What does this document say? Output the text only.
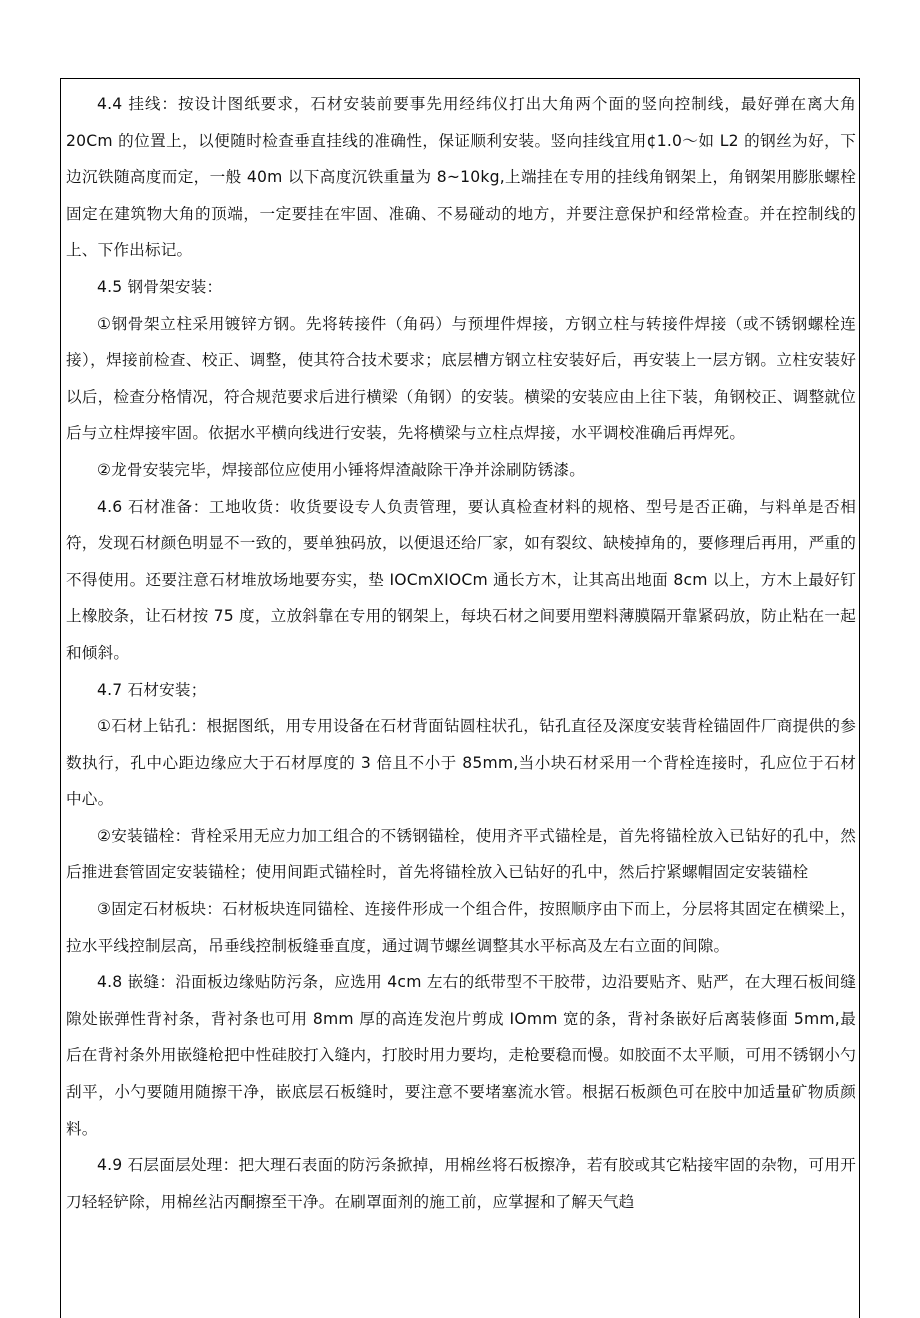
4.4 挂线：按设计图纸要求，石材安装前要事先用经纬仪打出大角两个面的竖向控制线，最好弹在离大角 20Cm 的位置上，以便随时检查垂直挂线的准确性，保证顺利安装。竖向挂线宜用¢1.0～如 L2 的钢丝为好，下边沉铁随高度而定，一般 40m 以下高度沉铁重量为 8~10kg,上端挂在专用的挂线角钢架上，角钢架用膨胀螺栓固定在建筑物大角的顶端，一定要挂在牢固、准确、不易碰动的地方，并要注意保护和经常检查。并在控制线的上、下作出标记。

4.5 钢骨架安装：

①钢骨架立柱采用镀锌方钢。先将转接件（角码）与预埋件焊接，方钢立柱与转接件焊接（或不锈钢螺栓连接），焊接前检查、校正、调整，使其符合技术要求；底层槽方钢立柱安装好后，再安装上一层方钢。立柱安装好以后，检查分格情况，符合规范要求后进行横梁（角钢）的安装。横梁的安装应由上往下装，角钢校正、调整就位后与立柱焊接牢固。依据水平横向线进行安装，先将横梁与立柱点焊接，水平调校准确后再焊死。

②龙骨安装完毕，焊接部位应使用小锤将焊渣敲除干净并涂刷防锈漆。

4.6 石材准备：工地收货：收货要设专人负责管理，要认真检查材料的规格、型号是否正确，与料单是否相符，发现石材颜色明显不一致的，要单独码放，以便退还给厂家，如有裂纹、缺棱掉角的，要修理后再用，严重的不得使用。还要注意石材堆放场地要夯实，垫 IOCmXIOCm 通长方木，让其高出地面 8cm 以上，方木上最好钉上橡胶条，让石材按 75 度，立放斜靠在专用的钢架上，每块石材之间要用塑料薄膜隔开靠紧码放，防止粘在一起和倾斜。

4.7 石材安装；

①石材上钻孔：根据图纸，用专用设备在石材背面钻圆柱状孔，钻孔直径及深度安装背栓锚固件厂商提供的参数执行，孔中心距边缘应大于石材厚度的 3 倍且不小于 85mm,当小块石材采用一个背栓连接时，孔应位于石材中心。

②安装锚栓：背栓采用无应力加工组合的不锈钢锚栓，使用齐平式锚栓是，首先将锚栓放入已钻好的孔中，然后推进套管固定安装锚栓；使用间距式锚栓时，首先将锚栓放入已钻好的孔中，然后拧紧螺帽固定安装锚栓

③固定石材板块：石材板块连同锚栓、连接件形成一个组合件，按照顺序由下而上，分层将其固定在横梁上，拉水平线控制层高，吊垂线控制板缝垂直度，通过调节螺丝调整其水平标高及左右立面的间隙。

4.8 嵌缝：沿面板边缘贴防污条，应选用 4cm 左右的纸带型不干胶带，边沿要贴齐、贴严，在大理石板间缝隙处嵌弹性背衬条，背衬条也可用 8mm 厚的高连发泡片剪成 IOmm 宽的条，背衬条嵌好后离装修面 5mm,最后在背衬条外用嵌缝枪把中性硅胶打入缝内，打胶时用力要均，走枪要稳而慢。如胶面不太平顺，可用不锈钢小勺刮平，小勺要随用随擦干净，嵌底层石板缝时，要注意不要堵塞流水管。根据石板颜色可在胶中加适量矿物质颜料。

4.9 石层面层处理：把大理石表面的防污条掀掉，用棉丝将石板擦净，若有胶或其它粘接牢固的杂物，可用开刀轻轻铲除，用棉丝沾丙酮擦至干净。在刷罩面剂的施工前，应掌握和了解天气趋
